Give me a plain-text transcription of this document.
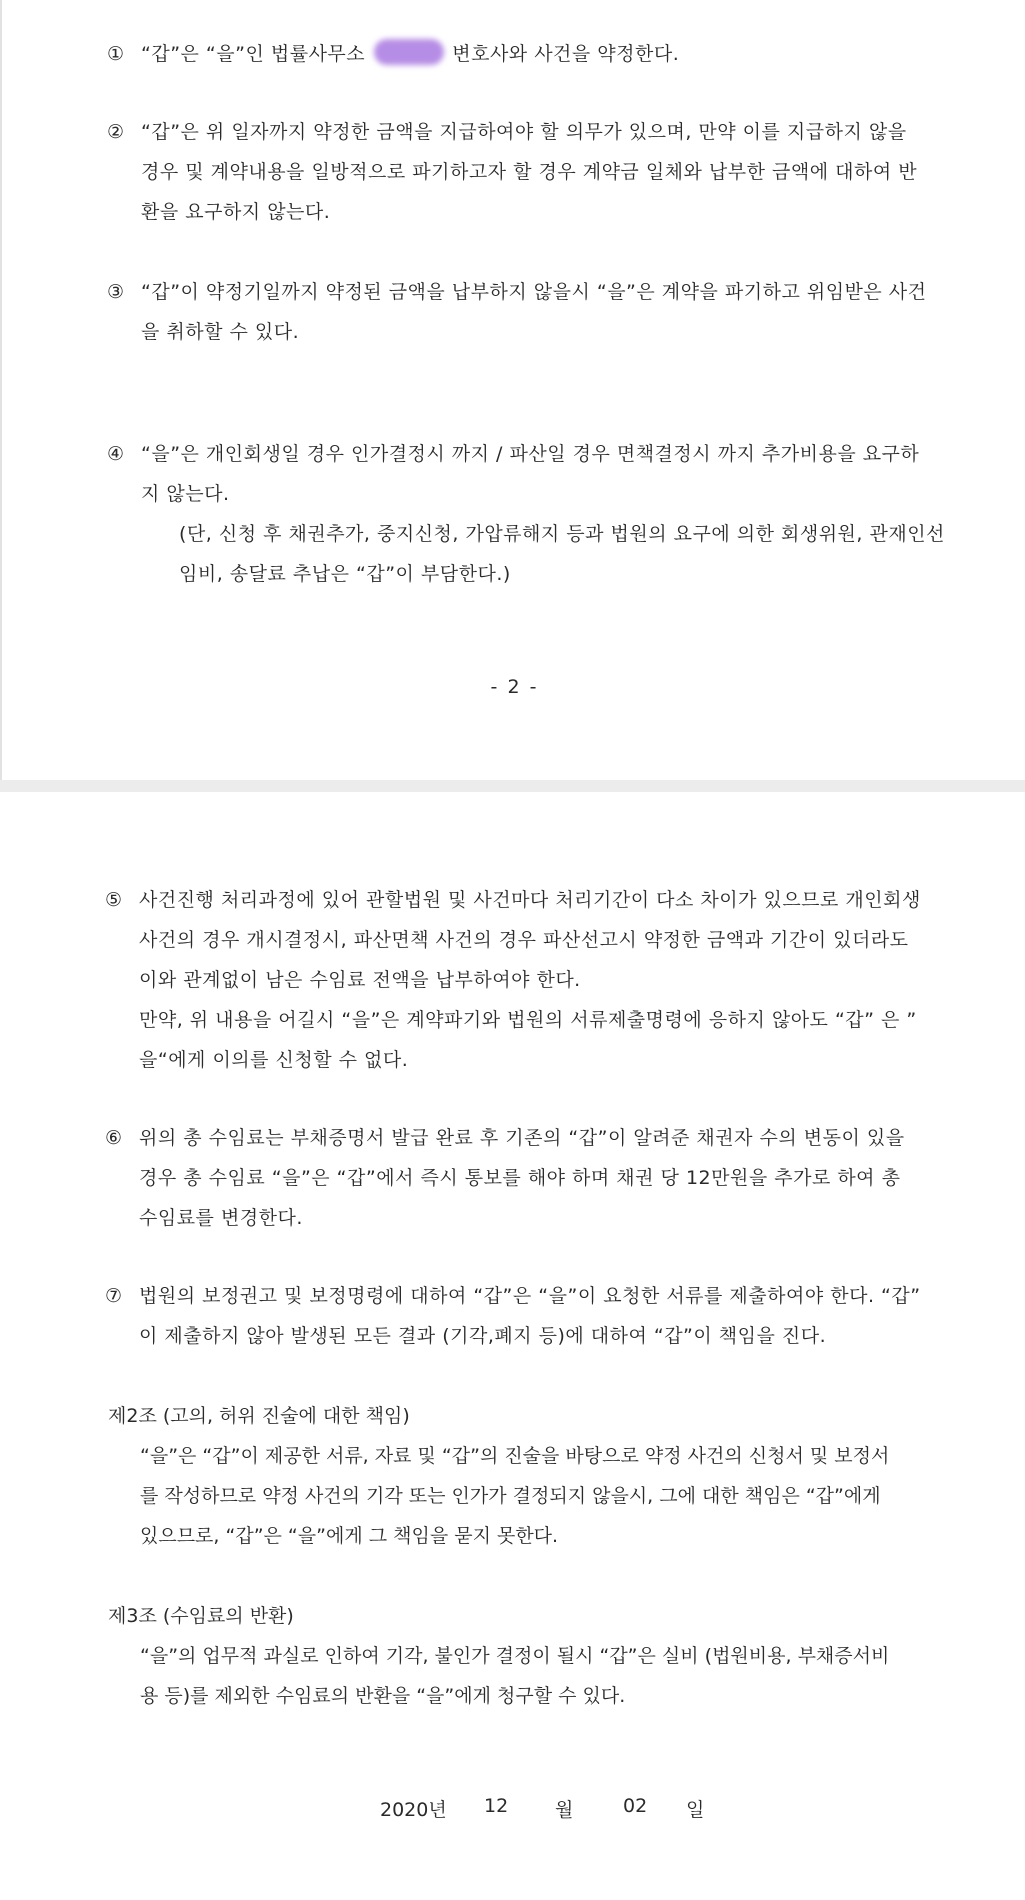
① “갑”은 “을”인 법률사무소	변호사와 사건을 약정한다.
② “갑”은 위 일자까지 약정한 금액을 지급하여야 할 의무가 있으며, 만약 이를 지급하지 않을
경우 및 계약내용을 일방적으로 파기하고자 할 경우 계약금 일체와 납부한 금액에 대하여 반
환을 요구하지 않는다.
③ “갑”이 약정기일까지 약정된 금액을 납부하지 않을시 “을”은 계약을 파기하고 위임받은 사건
을 취하할 수 있다.
④ “을”은 개인회생일 경우 인가결정시 까지 / 파산일 경우 면책결정시 까지 추가비용을 요구하
지 않는다.
(단, 신청 후 채권추가, 중지신청, 가압류해지 등과 법원의 요구에 의한 회생위원, 관재인선
임비, 송달료 추납은 “갑”이 부담한다.)
- 2 -
⑤ 사건진행 처리과정에 있어 관할법원 및 사건마다 처리기간이 다소 차이가 있으므로 개인회생
사건의 경우 개시결정시, 파산면책 사건의 경우 파산선고시 약정한 금액과 기간이 있더라도
이와 관계없이 남은 수임료 전액을 납부하여야 한다.
만약, 위 내용을 어길시 “을”은 계약파기와 법원의 서류제출명령에 응하지 않아도 “갑” 은 ”
을“에게 이의를 신청할 수 없다.
⑥ 위의 총 수임료는 부채증명서 발급 완료 후 기존의 “갑”이 알려준 채권자 수의 변동이 있을
경우 총 수임료 “을”은 “갑”에서 즉시 통보를 해야 하며 채권 당 12만원을 추가로 하여 총
수임료를 변경한다.
⑦ 법원의 보정권고 및 보정명령에 대하여 “갑”은 “을”이 요청한 서류를 제출하여야 한다. “갑”
이 제출하지 않아 발생된 모든 결과 (기각,폐지 등)에 대하여 “갑”이 책임을 진다.
제2조 (고의, 허위 진술에 대한 책임)
“을”은 “갑”이 제공한 서류, 자료 및 “갑”의 진술을 바탕으로 약정 사건의 신청서 및 보정서
를 작성하므로 약정 사건의 기각 또는 인가가 결정되지 않을시, 그에 대한 책임은 “갑”에게
있으므로, “갑”은 “을”에게 그 책임을 묻지 못한다.
제3조 (수임료의 반환)
“을”의 업무적 과실로 인하여 기각, 불인가 결정이 될시 “갑”은 실비 (법원비용, 부채증서비
용 등)를 제외한 수임료의 반환을 “을”에게 청구할 수 있다.
2020년 12 월	02 일
